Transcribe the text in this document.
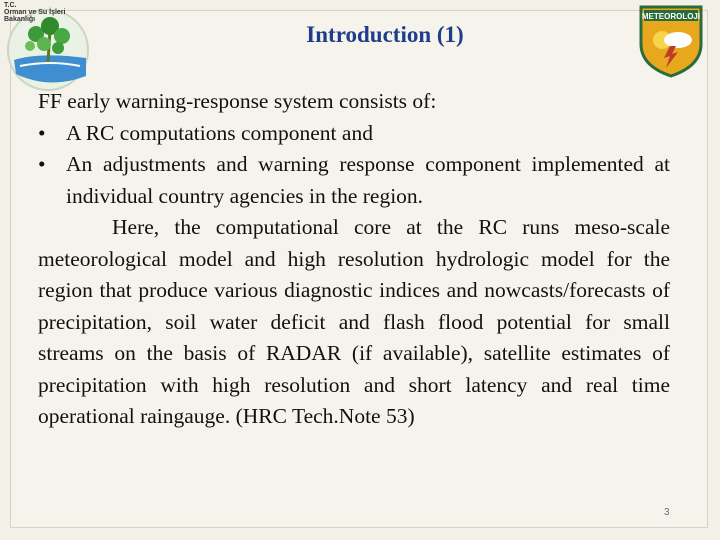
T.C.
Orman ve Su İşleri
Bakanlığı	METEOROLOJI
Introduction (1)

FF early warning-response system consists of:

• A RC computations component and
• An adjustments and warning response component implemented at individual country agencies in the region.

Here, the computational core at the RC runs meso-scale meteorological model and high resolution hydrologic model for the region that produce various diagnostic indices and nowcasts/forecasts of precipitation, soil water deficit and flash flood potential for small streams on the basis of RADAR (if available), satellite estimates of precipitation with high resolution and short latency and real time operational raingauge. (HRC Tech.Note 53)

3
